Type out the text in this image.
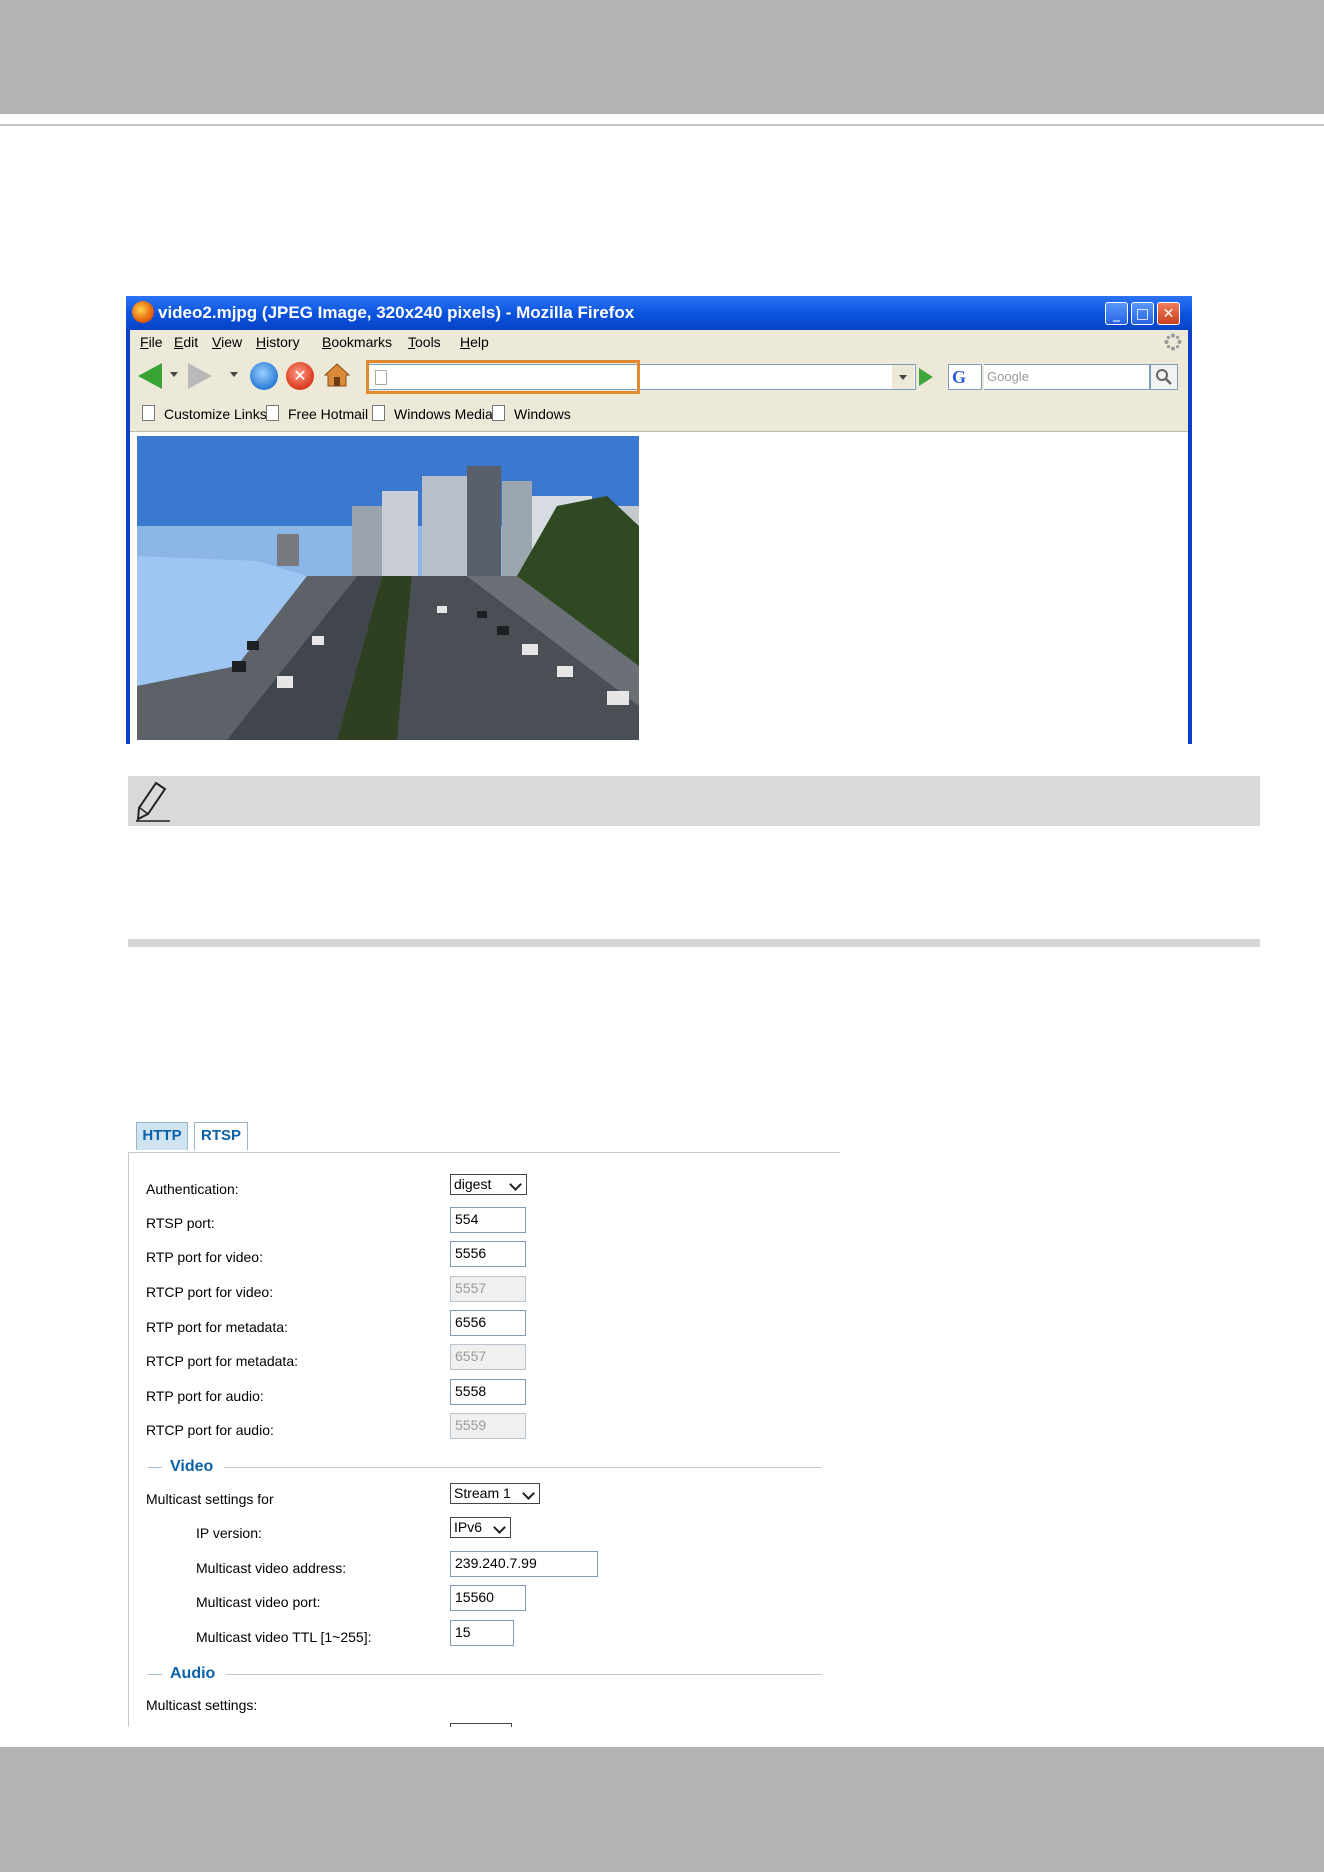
video2.mjpg (JPEG Image, 320x240 pixels) - Mozilla Firefox	_	□ ✕
File Edit View History Bookmarks Tools Help
✕	G	Google
Customize Links	Free Hotmail	Windows Media	Windows
HTTP	RTSP
Authentication:	digest
RTSP port:	554
RTP port for video:	5556
RTCP port for video:	5557
RTP port for metadata:	6556
RTCP port for metadata:	6557
RTP port for audio:	5558
RTCP port for audio:	5559
Video
Multicast settings for	Stream 1
IP version:	IPv6
Multicast video address:	239.240.7.99
Multicast video port:	15560
Multicast video TTL [1~255]:	15
Audio
Multicast settings:
